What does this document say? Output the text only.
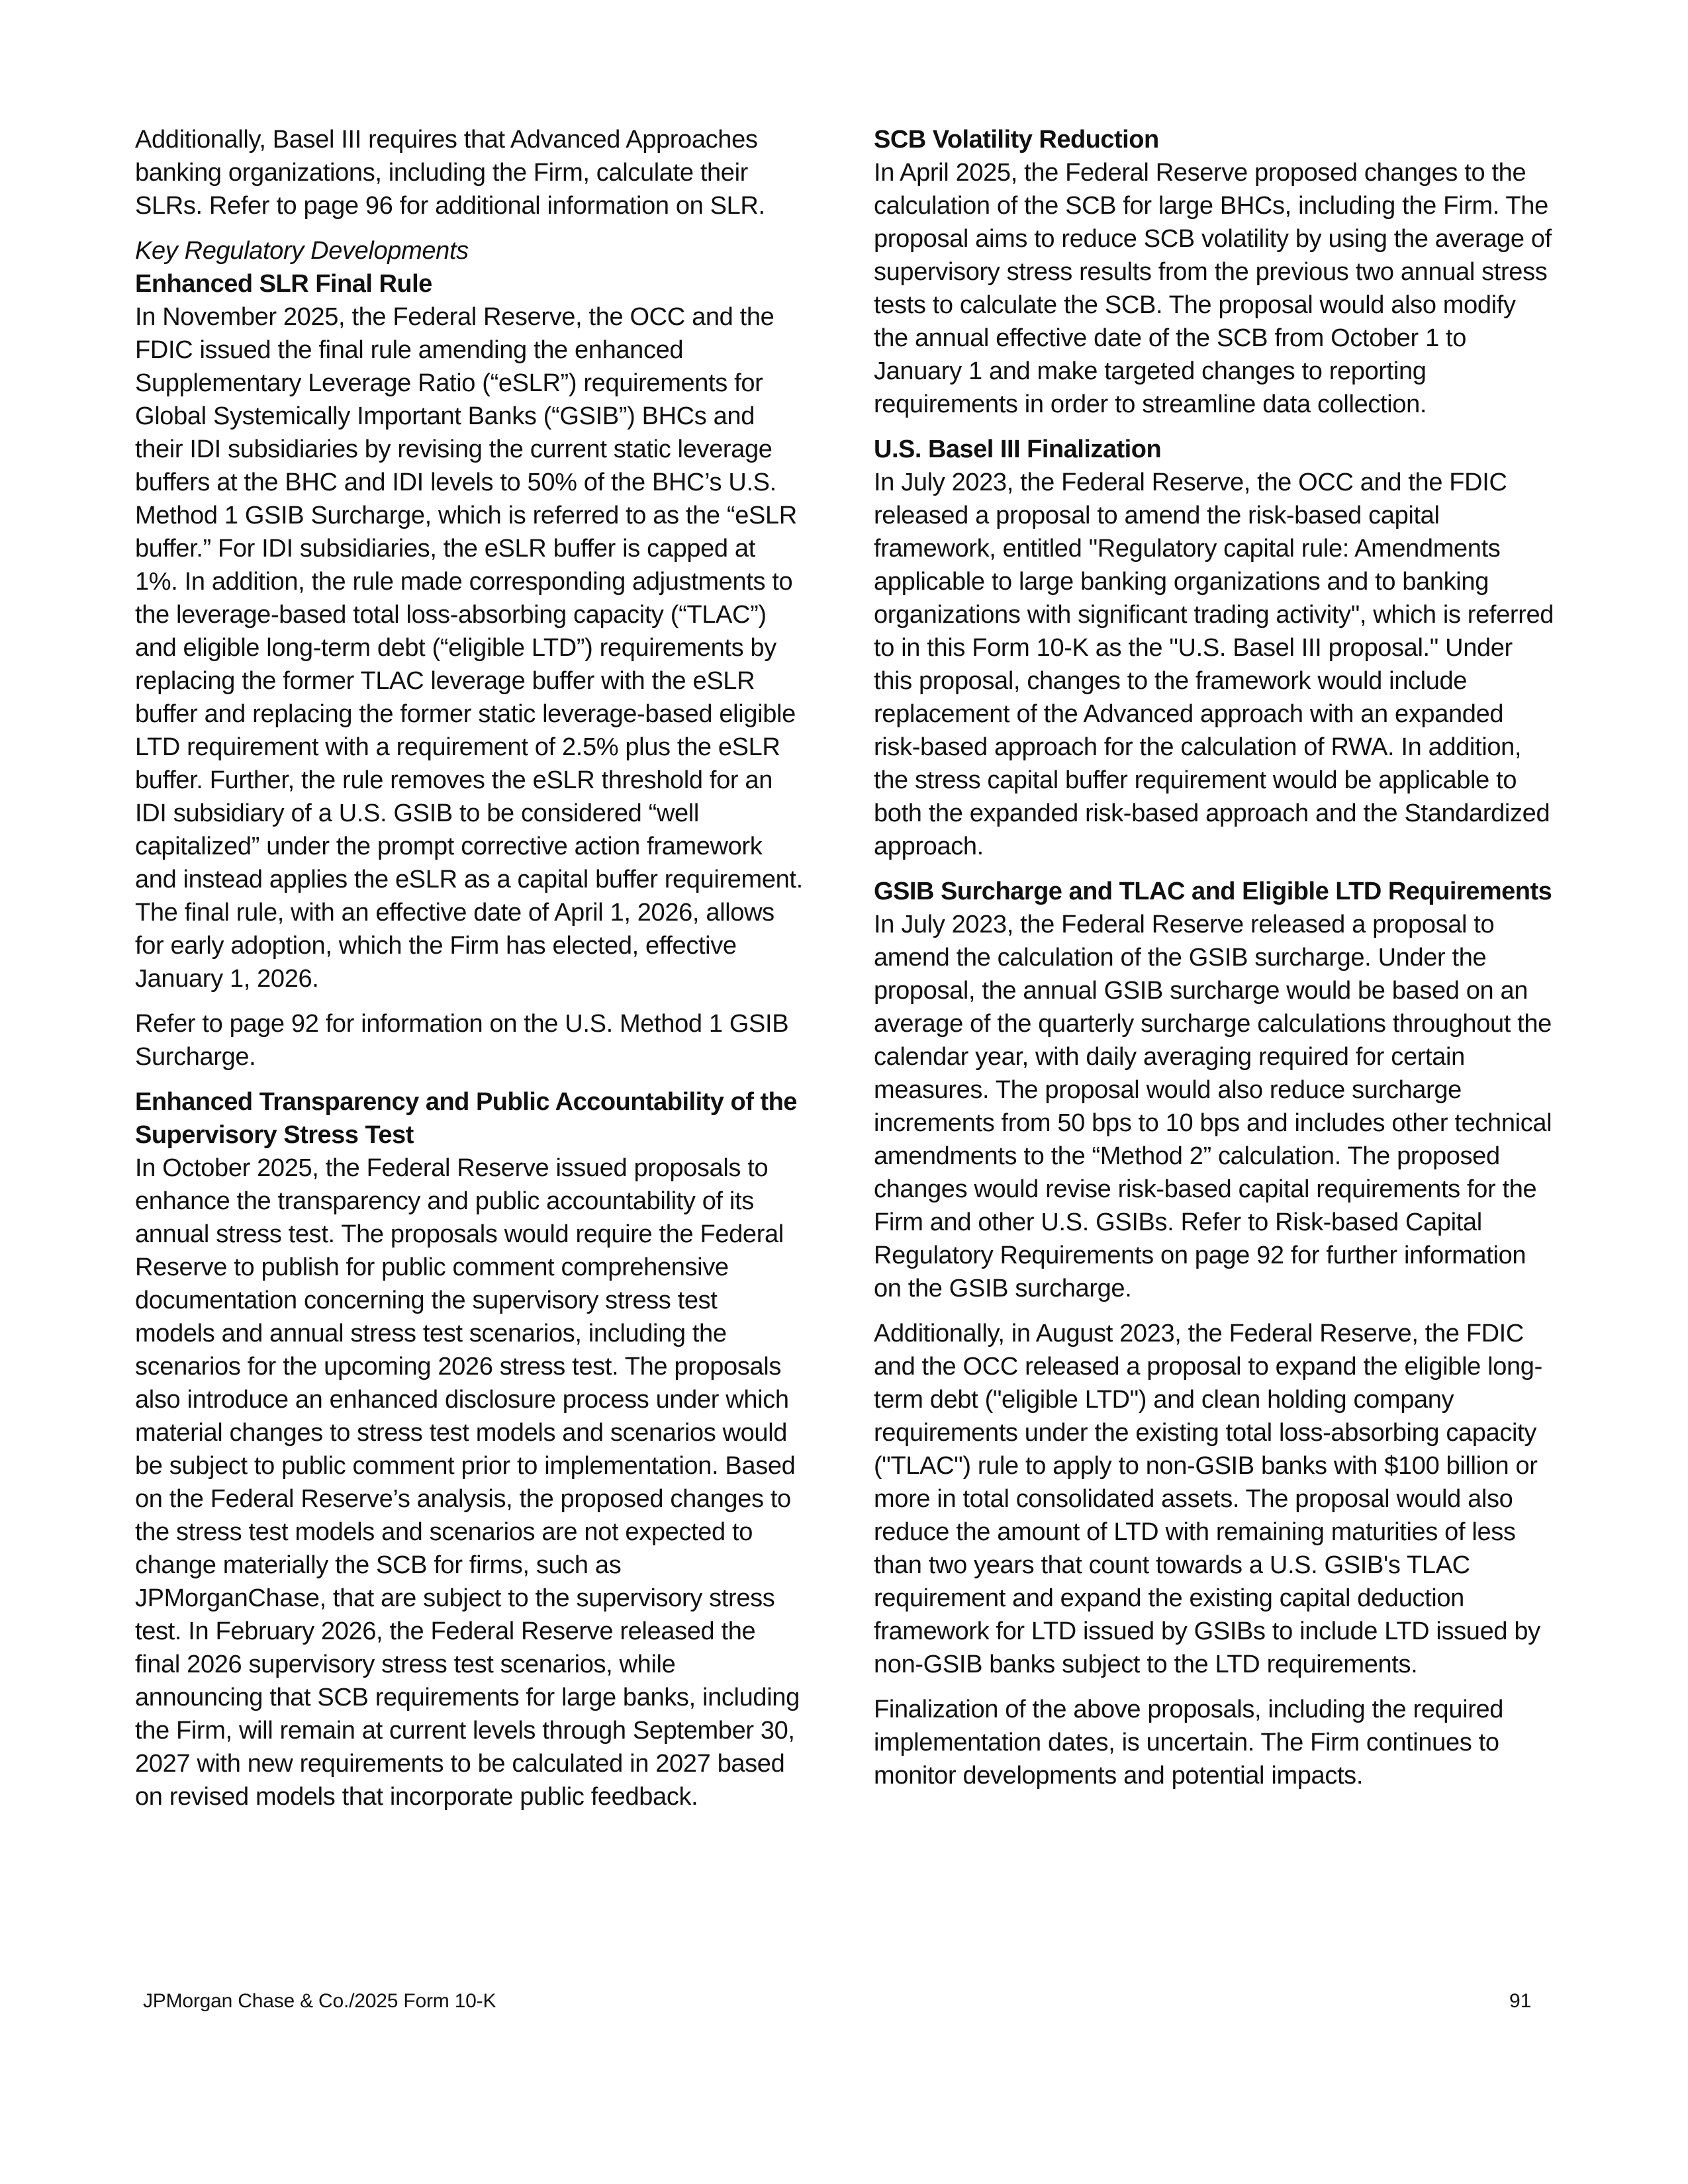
Additionally, Basel III requires that Advanced Approaches banking organizations, including the Firm, calculate their SLRs. Refer to page 96 for additional information on SLR.

Key Regulatory Developments
Enhanced SLR Final Rule

In November 2025, the Federal Reserve, the OCC and the FDIC issued the final rule amending the enhanced Supplementary Leverage Ratio (“eSLR”) requirements for Global Systemically Important Banks (“GSIB”) BHCs and their IDI subsidiaries by revising the current static leverage buffers at the BHC and IDI levels to 50% of the BHC’s U.S. Method 1 GSIB Surcharge, which is referred to as the “eSLR buffer.” For IDI subsidiaries, the eSLR buffer is capped at 1%. In addition, the rule made corresponding adjustments to the leverage-based total loss-absorbing capacity (“TLAC”) and eligible long-term debt (“eligible LTD”) requirements by replacing the former TLAC leverage buffer with the eSLR buffer and replacing the former static leverage-based eligible LTD requirement with a requirement of 2.5% plus the eSLR buffer. Further, the rule removes the eSLR threshold for an IDI subsidiary of a U.S. GSIB to be considered “well capitalized” under the prompt corrective action framework and instead applies the eSLR as a capital buffer requirement. The final rule, with an effective date of April 1, 2026, allows for early adoption, which the Firm has elected, effective January 1, 2026.

Refer to page 92 for information on the U.S. Method 1 GSIB Surcharge.

Enhanced Transparency and Public Accountability of the Supervisory Stress Test

In October 2025, the Federal Reserve issued proposals to enhance the transparency and public accountability of its annual stress test. The proposals would require the Federal Reserve to publish for public comment comprehensive documentation concerning the supervisory stress test models and annual stress test scenarios, including the scenarios for the upcoming 2026 stress test. The proposals also introduce an enhanced disclosure process under which material changes to stress test models and scenarios would be subject to public comment prior to implementation. Based on the Federal Reserve’s analysis, the proposed changes to the stress test models and scenarios are not expected to change materially the SCB for firms, such as JPMorganChase, that are subject to the supervisory stress test. In February 2026, the Federal Reserve released the final 2026 supervisory stress test scenarios, while announcing that SCB requirements for large banks, including the Firm, will remain at current levels through September 30, 2027 with new requirements to be calculated in 2027 based on revised models that incorporate public feedback.

SCB Volatility Reduction

In April 2025, the Federal Reserve proposed changes to the calculation of the SCB for large BHCs, including the Firm. The proposal aims to reduce SCB volatility by using the average of supervisory stress results from the previous two annual stress tests to calculate the SCB. The proposal would also modify the annual effective date of the SCB from October 1 to January 1 and make targeted changes to reporting requirements in order to streamline data collection.

U.S. Basel III Finalization

In July 2023, the Federal Reserve, the OCC and the FDIC released a proposal to amend the risk-based capital framework, entitled "Regulatory capital rule: Amendments applicable to large banking organizations and to banking organizations with significant trading activity", which is referred to in this Form 10-K as the "U.S. Basel III proposal." Under this proposal, changes to the framework would include replacement of the Advanced approach with an expanded risk-based approach for the calculation of RWA. In addition, the stress capital buffer requirement would be applicable to both the expanded risk-based approach and the Standardized approach.

GSIB Surcharge and TLAC and Eligible LTD Requirements

In July 2023, the Federal Reserve released a proposal to amend the calculation of the GSIB surcharge. Under the proposal, the annual GSIB surcharge would be based on an average of the quarterly surcharge calculations throughout the calendar year, with daily averaging required for certain measures. The proposal would also reduce surcharge increments from 50 bps to 10 bps and includes other technical amendments to the “Method 2” calculation. The proposed changes would revise risk-based capital requirements for the Firm and other U.S. GSIBs. Refer to Risk-based Capital Regulatory Requirements on page 92 for further information on the GSIB surcharge.

Additionally, in August 2023, the Federal Reserve, the FDIC and the OCC released a proposal to expand the eligible long-term debt ("eligible LTD") and clean holding company requirements under the existing total loss-absorbing capacity ("TLAC") rule to apply to non-GSIB banks with $100 billion or more in total consolidated assets. The proposal would also reduce the amount of LTD with remaining maturities of less than two years that count towards a U.S. GSIB's TLAC requirement and expand the existing capital deduction framework for LTD issued by GSIBs to include LTD issued by non-GSIB banks subject to the LTD requirements.

Finalization of the above proposals, including the required implementation dates, is uncertain. The Firm continues to monitor developments and potential impacts.

JPMorgan Chase & Co./2025 Form 10-K	91
